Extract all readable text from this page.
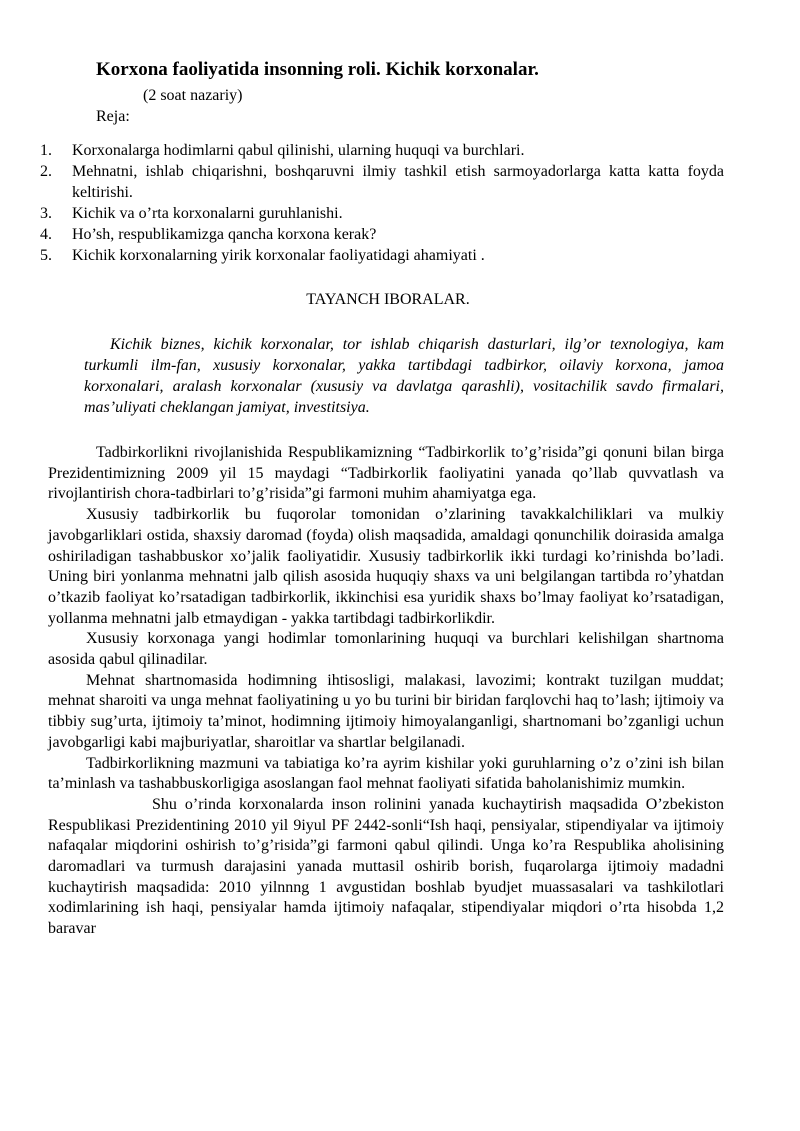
Korxona faoliyatida insonning roli. Kichik korxonalar.
(2 soat nazariy)
Reja:
1. Korxonalarga hodimlarni qabul qilinishi, ularning huquqi va burchlari.
2. Mehnatni, ishlab chiqarishni, boshqaruvni ilmiy tashkil etish sarmoyadorlarga katta katta foyda keltirishi.
3. Kichik va o’rta korxonalarni guruhlanishi.
4. Ho’sh, respublikamizga qancha korxona kerak?
5. Kichik korxonalarning yirik korxonalar faoliyatidagi ahamiyati .
TAYANCH IBORALAR.

Kichik biznes, kichik korxonalar, tor ishlab chiqarish dasturlari, ilg’or texnologiya, kam turkumli ilm-fan, xususiy korxonalar, yakka tartibdagi tadbirkor, oilaviy korxona, jamoa korxonalari, aralash korxonalar (xususiy va davlatga qarashli), vositachilik savdo firmalari, mas’uliyati cheklangan jamiyat, investitsiya.

Tadbirkorlikni rivojlanishida Respublikamizning “Tadbirkorlik to’g’risida”gi qonuni bilan birga Prezidentimizning 2009 yil 15 maydagi “Tadbirkorlik faoliyatini yanada qo’llab quvvatlash va rivojlantirish chora-tadbirlari to’g’risida”gi farmoni muhim ahamiyatga ega.

Xususiy tadbirkorlik bu fuqorolar tomonidan o’zlarining tavakkalchiliklari va mulkiy javobgarliklari ostida, shaxsiy daromad (foyda) olish maqsadida, amaldagi qonunchilik doirasida amalga oshiriladigan tashabbuskor xo’jalik faoliyatidir. Xususiy tadbirkorlik ikki turdagi ko’rinishda bo’ladi. Uning biri yonlanma mehnatni jalb qilish asosida huquqiy shaxs va uni belgilangan tartibda ro’yhatdan o’tkazib faoliyat ko’rsatadigan tadbirkorlik, ikkinchisi esa yuridik shaxs bo’lmay faoliyat ko’rsatadigan, yollanma mehnatni jalb etmaydigan - yakka tartibdagi tadbirkorlikdir.

Xususiy korxonaga yangi hodimlar tomonlarining huquqi va burchlari kelishilgan shartnoma asosida qabul qilinadilar.

Mehnat shartnomasida hodimning ihtisosligi, malakasi, lavozimi; kontrakt tuzilgan muddat; mehnat sharoiti va unga mehnat faoliyatining u yo bu turini bir biridan farqlovchi haq to’lash; ijtimoiy va tibbiy sug’urta, ijtimoiy ta’minot, hodimning ijtimoiy himoyalanganligi, shartnomani bo’zganligi uchun javobgarligi kabi majburiyatlar, sharoitlar va shartlar belgilanadi.

Tadbirkorlikning mazmuni va tabiatiga ko’ra ayrim kishilar yoki guruhlarning o’z o’zini ish bilan ta’minlash va tashabbuskorligiga asoslangan faol mehnat faoliyati sifatida baholanishimiz mumkin.

Shu o’rinda korxonalarda inson rolinini yanada kuchaytirish maqsadida O’zbekiston Respublikasi Prezidentining 2010 yil 9iyul PF 2442-sonli“Ish haqi, pensiyalar, stipendiyalar va ijtimoiy nafaqalar miqdorini oshirish to’g’risida”gi farmoni qabul qilindi. Unga ko’ra Respublika aholisining daromadlari va turmush darajasini yanada muttasil oshirib borish, fuqarolarga ijtimoiy madadni kuchaytirish maqsadida: 2010 yilnnng 1 avgustidan boshlab byudjet muassasalari va tashkilotlari xodimlarining ish haqi, pensiyalar hamda ijtimoiy nafaqalar, stipendiyalar miqdori o’rta hisobda 1,2 baravar
